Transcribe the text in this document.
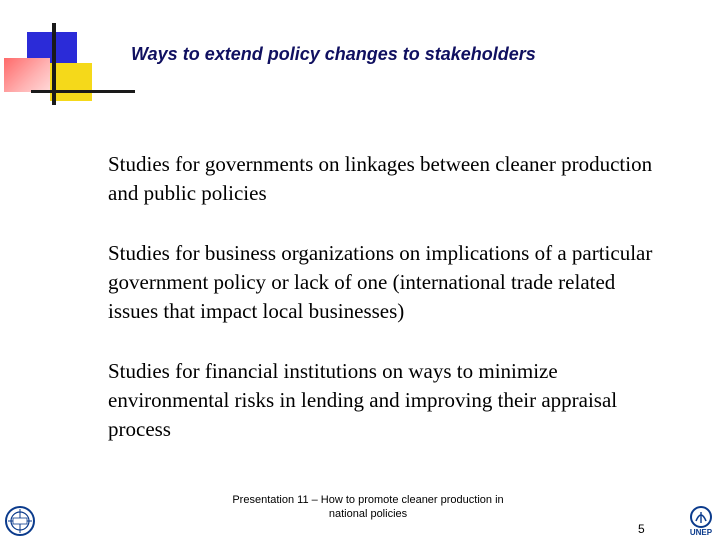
Ways to extend policy changes to stakeholders
Studies for governments on linkages between cleaner production and public policies
Studies for business organizations on implications of a particular government policy or lack of one (international trade related issues that impact local businesses)
Studies for financial institutions on ways to minimize environmental risks in lending and improving their appraisal process
Presentation 11 – How to promote cleaner production in
national policies
5	UNEP
